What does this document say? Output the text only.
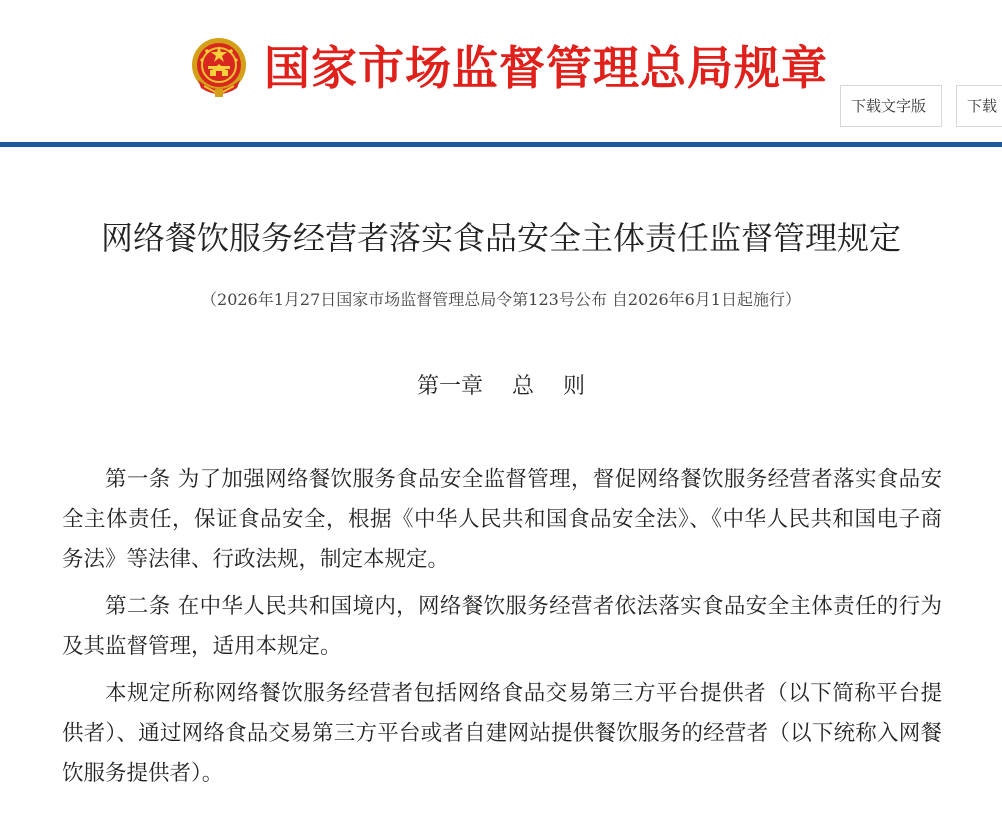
国家市场监督管理总局规章
下载文字版	下载
网络餐饮服务经营者落实食品安全主体责任监督管理规定
（2026年1月27日国家市场监督管理总局令第123号公布 自2026年6月1日起施行）
第一章　 总　 则

第一条 为了加强网络餐饮服务食品安全监督管理，督促网络餐饮服务经营者落实食品安全主体责任，保证食品安全，根据《中华人民共和国食品安全法》、《中华人民共和国电子商务法》等法律、行政法规，制定本规定。

第二条 在中华人民共和国境内，网络餐饮服务经营者依法落实食品安全主体责任的行为及其监督管理，适用本规定。

本规定所称网络餐饮服务经营者包括网络食品交易第三方平台提供者（以下简称平台提供者）、通过网络食品交易第三方平台或者自建网站提供餐饮服务的经营者（以下统称入网餐饮服务提供者）。
